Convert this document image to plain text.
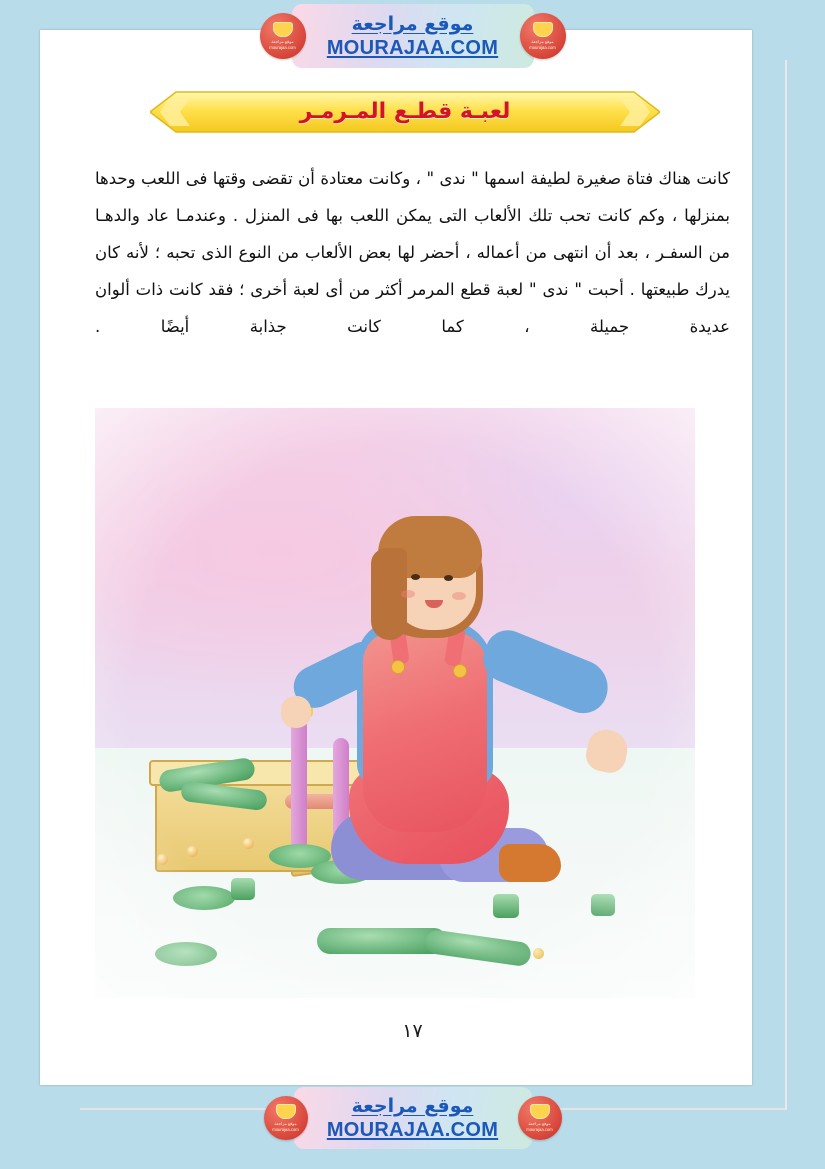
موقع مراجعة
mourajaa.com
موقع مراجعة
MOURAJAA.COM
موقع مراجعة
mourajaa.com
لعبـة قطـع المـرمـر

كانت هناك فتاة صغيرة لطيفة اسمها " ندى " ، وكانت معتادة أن تقضى وقتها فى اللعب وحدها بمنزلها ، وكم كانت تحب تلك الألعاب التى يمكن اللعب بها فى المنزل . وعندمـا عاد والدهـا من السفـر ، بعد أن انتهى من أعماله ، أحضر لها بعض الألعاب من النوع الذى تحبه ؛ لأنه كان يدرك طبيعتها . أحبت " ندى " لعبة قطع المرمر أكثر من أى لعبة أخرى ؛ فقد كانت ذات ألوان عديدة جميلة ، كما كانت جذابة أيضًا .

١٧
موقع مراجعة
mourajaa.com
موقع مراجعة
MOURAJAA.COM
موقع مراجعة
mourajaa.com
